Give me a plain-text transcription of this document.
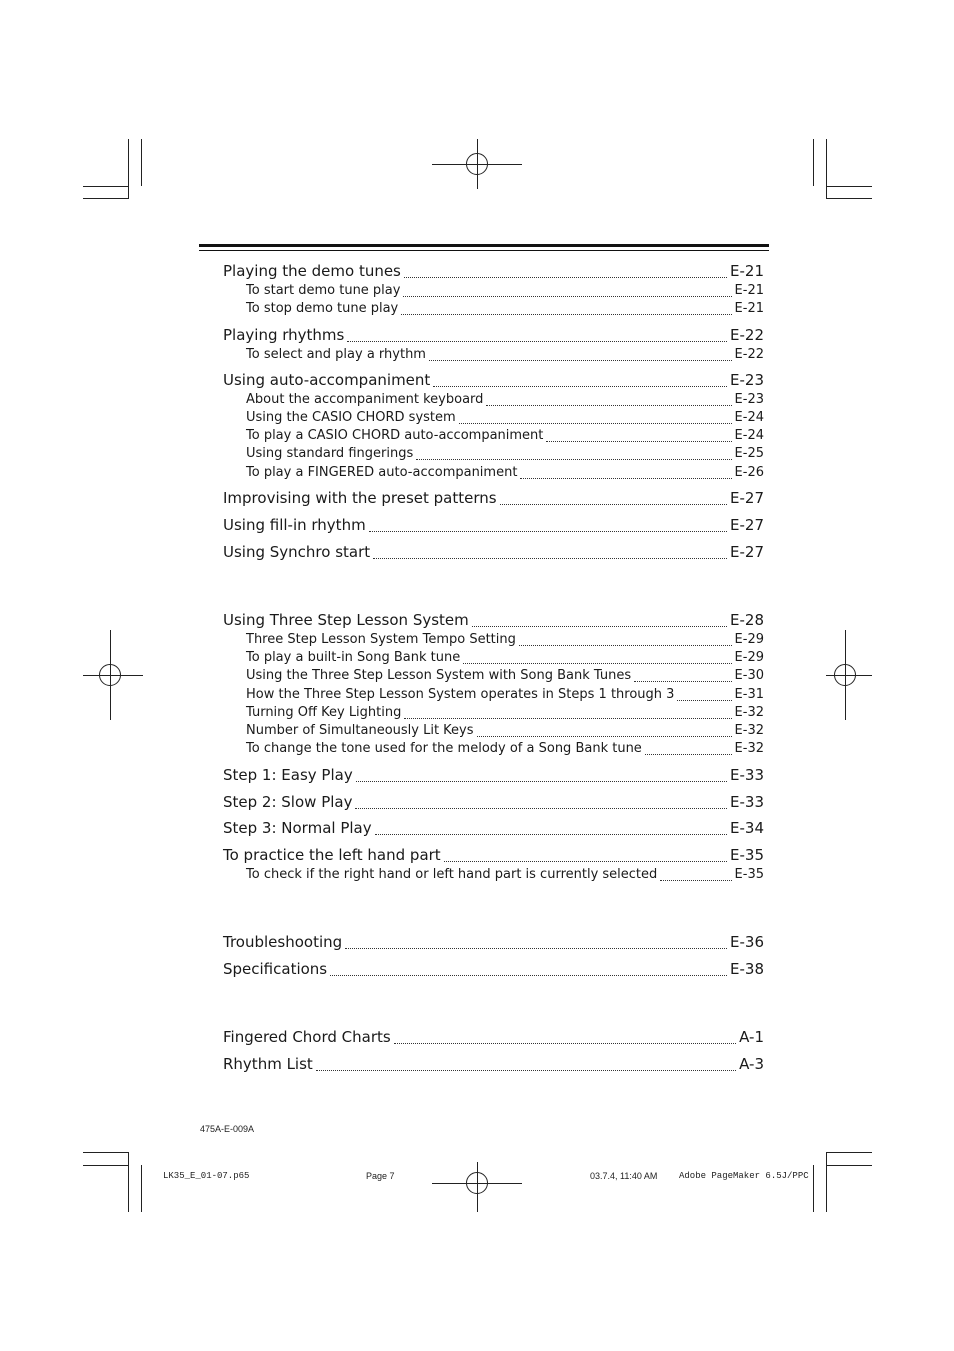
Playing the demo tunes	E-21
To start demo tune play	E-21
To stop demo tune play	E-21
Playing rhythms	E-22
To select and play a rhythm	E-22
Using auto-accompaniment	E-23
About the accompaniment keyboard	E-23
Using the CASIO CHORD system	E-24
To play a CASIO CHORD auto-accompaniment	E-24
Using standard fingerings	E-25
To play a FINGERED auto-accompaniment	E-26
Improvising with the preset patterns	E-27
Using fill-in rhythm	E-27
Using Synchro start	E-27
Using Three Step Lesson System	E-28
Three Step Lesson System Tempo Setting	E-29
To play a built-in Song Bank tune	E-29
Using the Three Step Lesson System with Song Bank Tunes	E-30
How the Three Step Lesson System operates in Steps 1 through 3	E-31
Turning Off Key Lighting	E-32
Number of Simultaneously Lit Keys	E-32
To change the tone used for the melody of a Song Bank tune	E-32
Step 1: Easy Play	E-33
Step 2: Slow Play	E-33
Step 3: Normal Play	E-34
To practice the left hand part	E-35
To check if the right hand or left hand part is currently selected	E-35
Troubleshooting	E-36
Specifications	E-38
Fingered Chord Charts	A-1
Rhythm List	A-3
475A-E-009A
LK35_E_01-07.p65	Page 7	03.7.4, 11:40 AM Adobe PageMaker 6.5J/PPC
